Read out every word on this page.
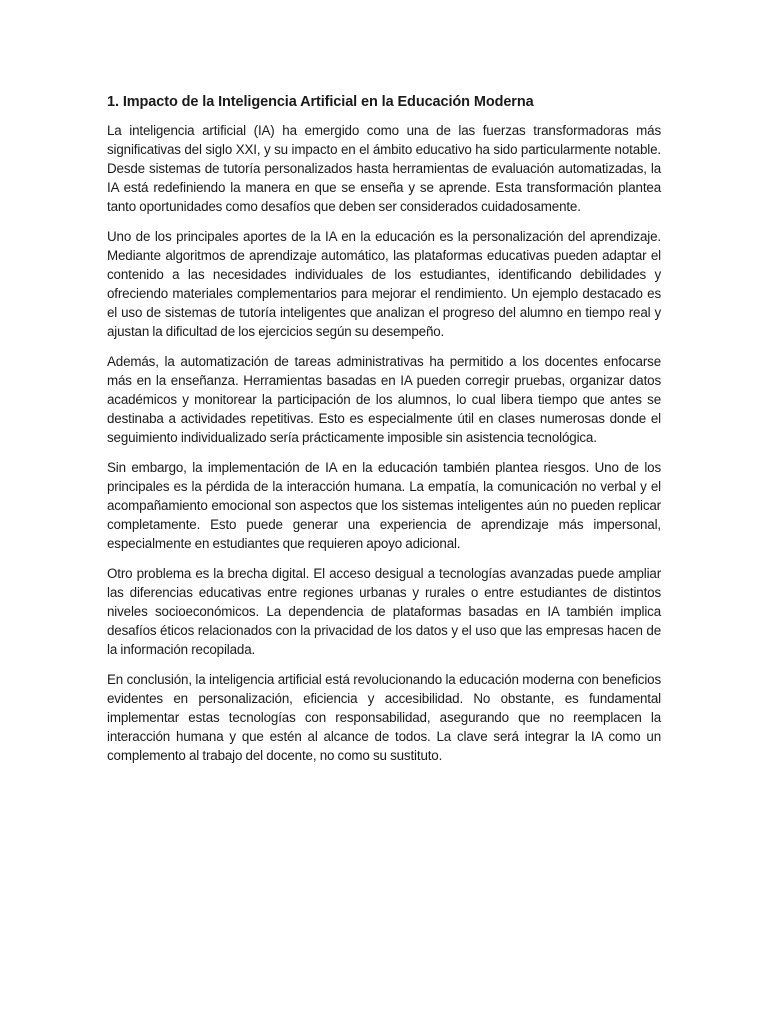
1. Impacto de la Inteligencia Artificial en la Educación Moderna

La inteligencia artificial (IA) ha emergido como una de las fuerzas transformadoras más significativas del siglo XXI, y su impacto en el ámbito educativo ha sido particularmente notable. Desde sistemas de tutoría personalizados hasta herramientas de evaluación automatizadas, la IA está redefiniendo la manera en que se enseña y se aprende. Esta transformación plantea tanto oportunidades como desafíos que deben ser considerados cuidadosamente.

Uno de los principales aportes de la IA en la educación es la personalización del aprendizaje. Mediante algoritmos de aprendizaje automático, las plataformas educativas pueden adaptar el contenido a las necesidades individuales de los estudiantes, identificando debilidades y ofreciendo materiales complementarios para mejorar el rendimiento. Un ejemplo destacado es el uso de sistemas de tutoría inteligentes que analizan el progreso del alumno en tiempo real y ajustan la dificultad de los ejercicios según su desempeño.

Además, la automatización de tareas administrativas ha permitido a los docentes enfocarse más en la enseñanza. Herramientas basadas en IA pueden corregir pruebas, organizar datos académicos y monitorear la participación de los alumnos, lo cual libera tiempo que antes se destinaba a actividades repetitivas. Esto es especialmente útil en clases numerosas donde el seguimiento individualizado sería prácticamente imposible sin asistencia tecnológica.

Sin embargo, la implementación de IA en la educación también plantea riesgos. Uno de los principales es la pérdida de la interacción humana. La empatía, la comunicación no verbal y el acompañamiento emocional son aspectos que los sistemas inteligentes aún no pueden replicar completamente. Esto puede generar una experiencia de aprendizaje más impersonal, especialmente en estudiantes que requieren apoyo adicional.

Otro problema es la brecha digital. El acceso desigual a tecnologías avanzadas puede ampliar las diferencias educativas entre regiones urbanas y rurales o entre estudiantes de distintos niveles socioeconómicos. La dependencia de plataformas basadas en IA también implica desafíos éticos relacionados con la privacidad de los datos y el uso que las empresas hacen de la información recopilada.

En conclusión, la inteligencia artificial está revolucionando la educación moderna con beneficios evidentes en personalización, eficiencia y accesibilidad. No obstante, es fundamental implementar estas tecnologías con responsabilidad, asegurando que no reemplacen la interacción humana y que estén al alcance de todos. La clave será integrar la IA como un complemento al trabajo del docente, no como su sustituto.
